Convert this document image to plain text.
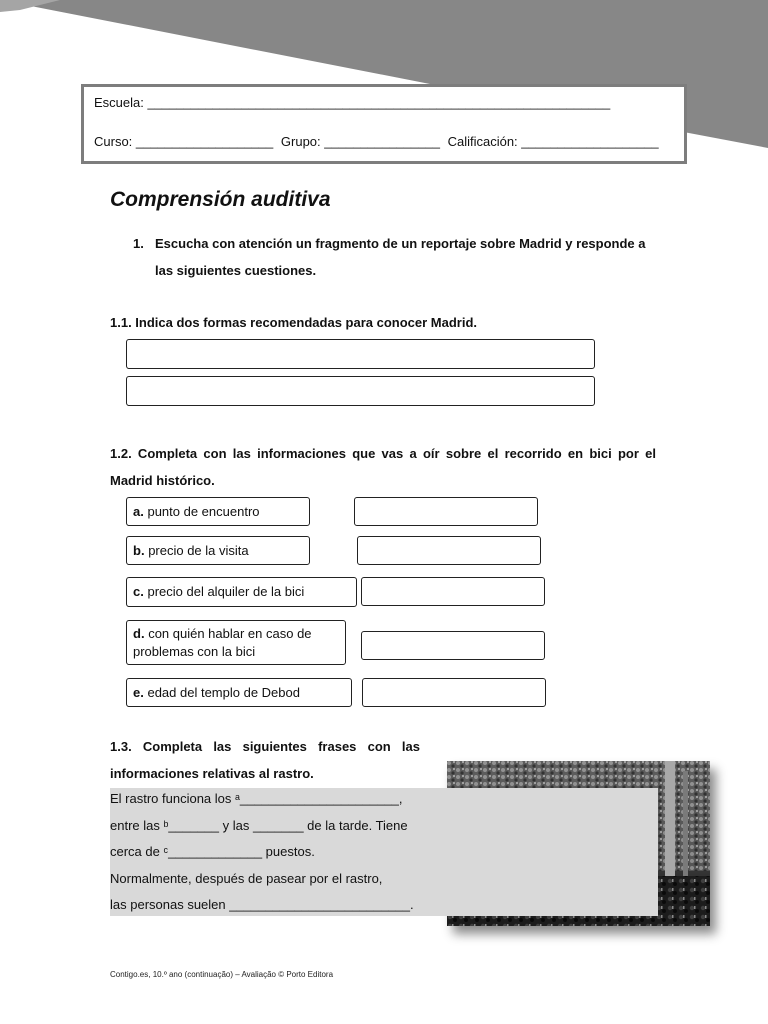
Escuela: ________________________________________________________________
Curso: ___________________ Grupo: ________________ Calificación: ___________________
Comprensión auditiva
1. Escucha con atención un fragmento de un reportaje sobre Madrid y responde a las siguientes cuestiones.
1.1. Indica dos formas recomendadas para conocer Madrid.
1.2. Completa con las informaciones que vas a oír sobre el recorrido en bici por el Madrid histórico.
a. punto de encuentro
b. precio de la visita
c. precio del alquiler de la bici
d. con quién hablar en caso de problemas con la bici
e. edad del templo de Debod
1.3. Completa las siguientes frases con las informaciones relativas al rastro.
El rastro funciona los ᵃ______________________,
entre las ᵇ_______ y las _______ de la tarde. Tiene
cerca de ᶜ_____________ puestos.
Normalmente, después de pasear por el rastro,
las personas suelen _________________________.
Contigo.es, 10.º ano (continuação) – Avaliação © Porto Editora
